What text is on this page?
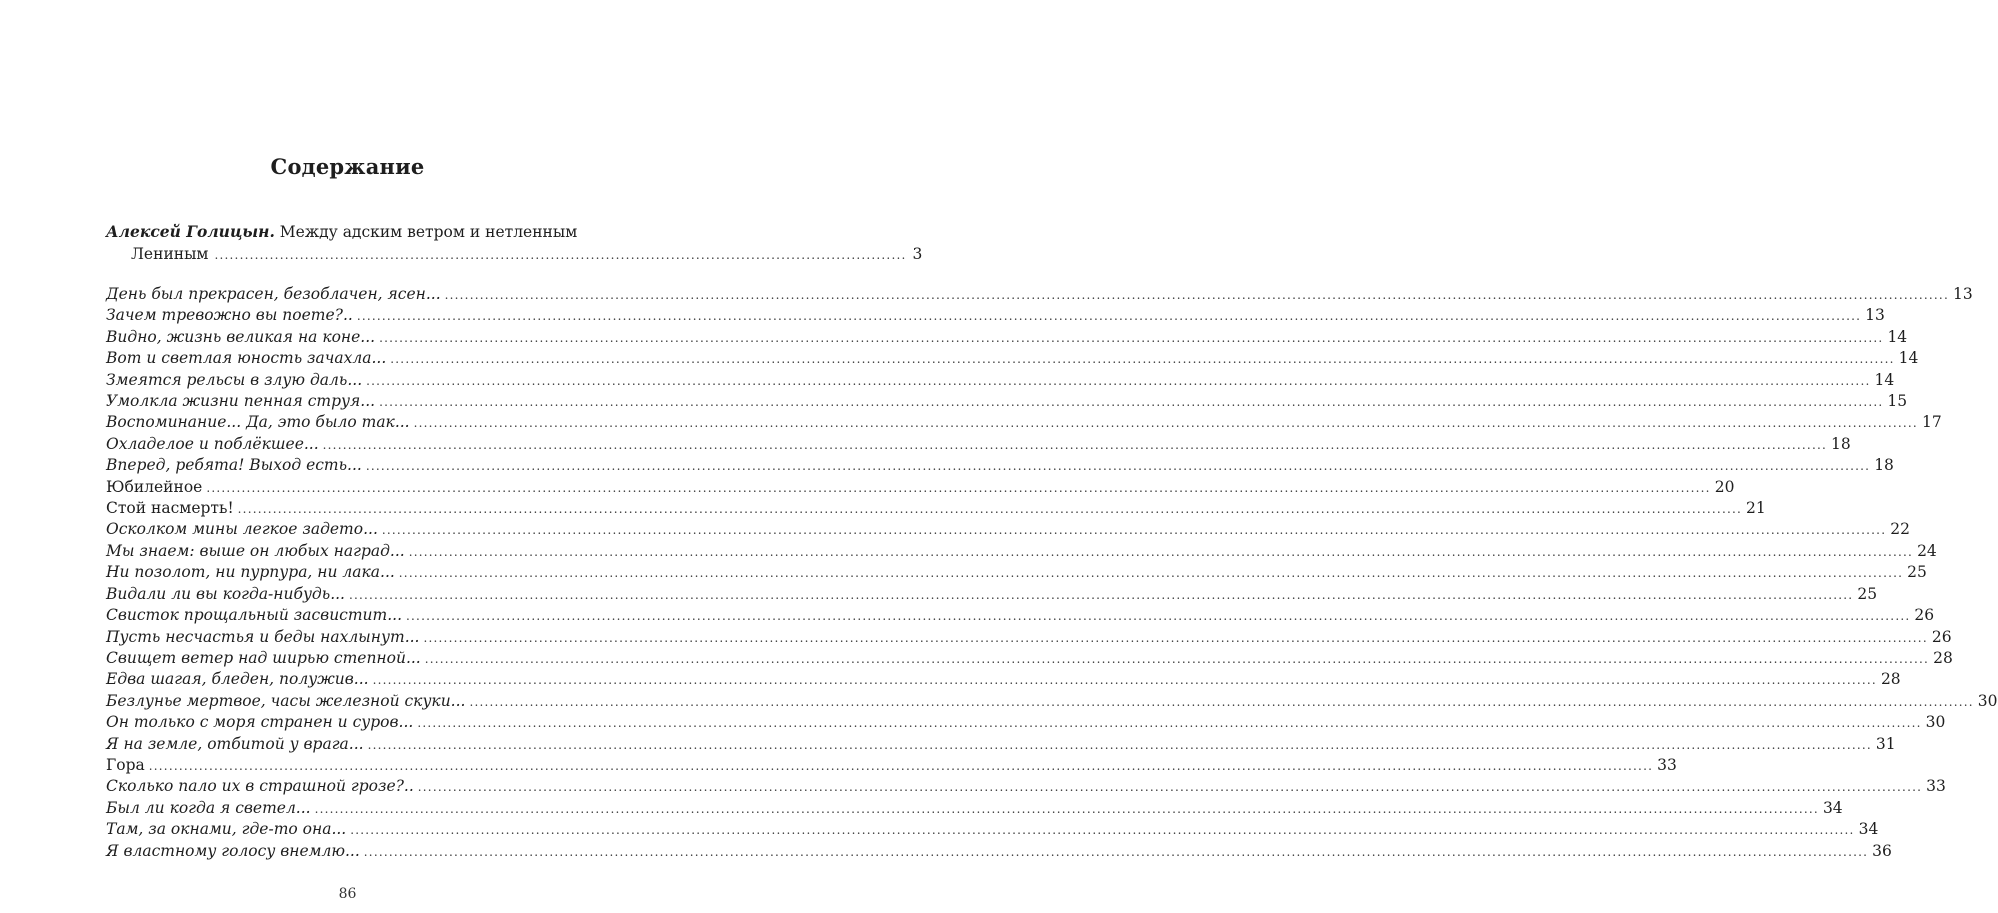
Содержание
Алексей Голицын. Между адским ветром и нетленным
Лениным .......................................................................................................................................... 3
День был прекрасен, безоблачен, ясен... ............................................................................................................................................................................................................................................................................................................ 13
Зачем тревожно вы поете?.. ............................................................................................................................................................................................................................................................................................................ 13
Видно, жизнь великая на коне... ............................................................................................................................................................................................................................................................................................................ 14
Вот и светлая юность зачахла... ............................................................................................................................................................................................................................................................................................................ 14
Змеятся рельсы в злую даль... ............................................................................................................................................................................................................................................................................................................ 14
Умолкла жизни пенная струя... ............................................................................................................................................................................................................................................................................................................ 15
Воспоминание... Да, это было так... ............................................................................................................................................................................................................................................................................................................ 17
Охладелое и поблёкшее... ............................................................................................................................................................................................................................................................................................................ 18
Вперед, ребята! Выход есть... ............................................................................................................................................................................................................................................................................................................ 18
Юбилейное ............................................................................................................................................................................................................................................................................................................ 20
Стой насмерть! ............................................................................................................................................................................................................................................................................................................ 21
Осколком мины легкое задето... ............................................................................................................................................................................................................................................................................................................ 22
Мы знаем: выше он любых наград... ............................................................................................................................................................................................................................................................................................................ 24
Ни позолот, ни пурпура, ни лака... ............................................................................................................................................................................................................................................................................................................ 25
Видали ли вы когда-нибудь... ............................................................................................................................................................................................................................................................................................................ 25
Свисток прощальный засвистит... ............................................................................................................................................................................................................................................................................................................ 26
Пусть несчастья и беды нахлынут... ............................................................................................................................................................................................................................................................................................................ 26
Свищет ветер над ширью степной... ............................................................................................................................................................................................................................................................................................................ 28
Едва шагая, бледен, полужив... ............................................................................................................................................................................................................................................................................................................ 28
Безлунье мертвое, часы железной скуки... ............................................................................................................................................................................................................................................................................................................ 30
Он только с моря странен и суров... ............................................................................................................................................................................................................................................................................................................ 30
Я на земле, отбитой у врага... ............................................................................................................................................................................................................................................................................................................ 31
Гора ............................................................................................................................................................................................................................................................................................................ 33
Сколько пало их в страшной грозе?.. ............................................................................................................................................................................................................................................................................................................ 33
Был ли когда я светел... ............................................................................................................................................................................................................................................................................................................ 34
Там, за окнами, где-то она... ............................................................................................................................................................................................................................................................................................................ 34
Я властному голосу внемлю... ............................................................................................................................................................................................................................................................................................................ 36
86
